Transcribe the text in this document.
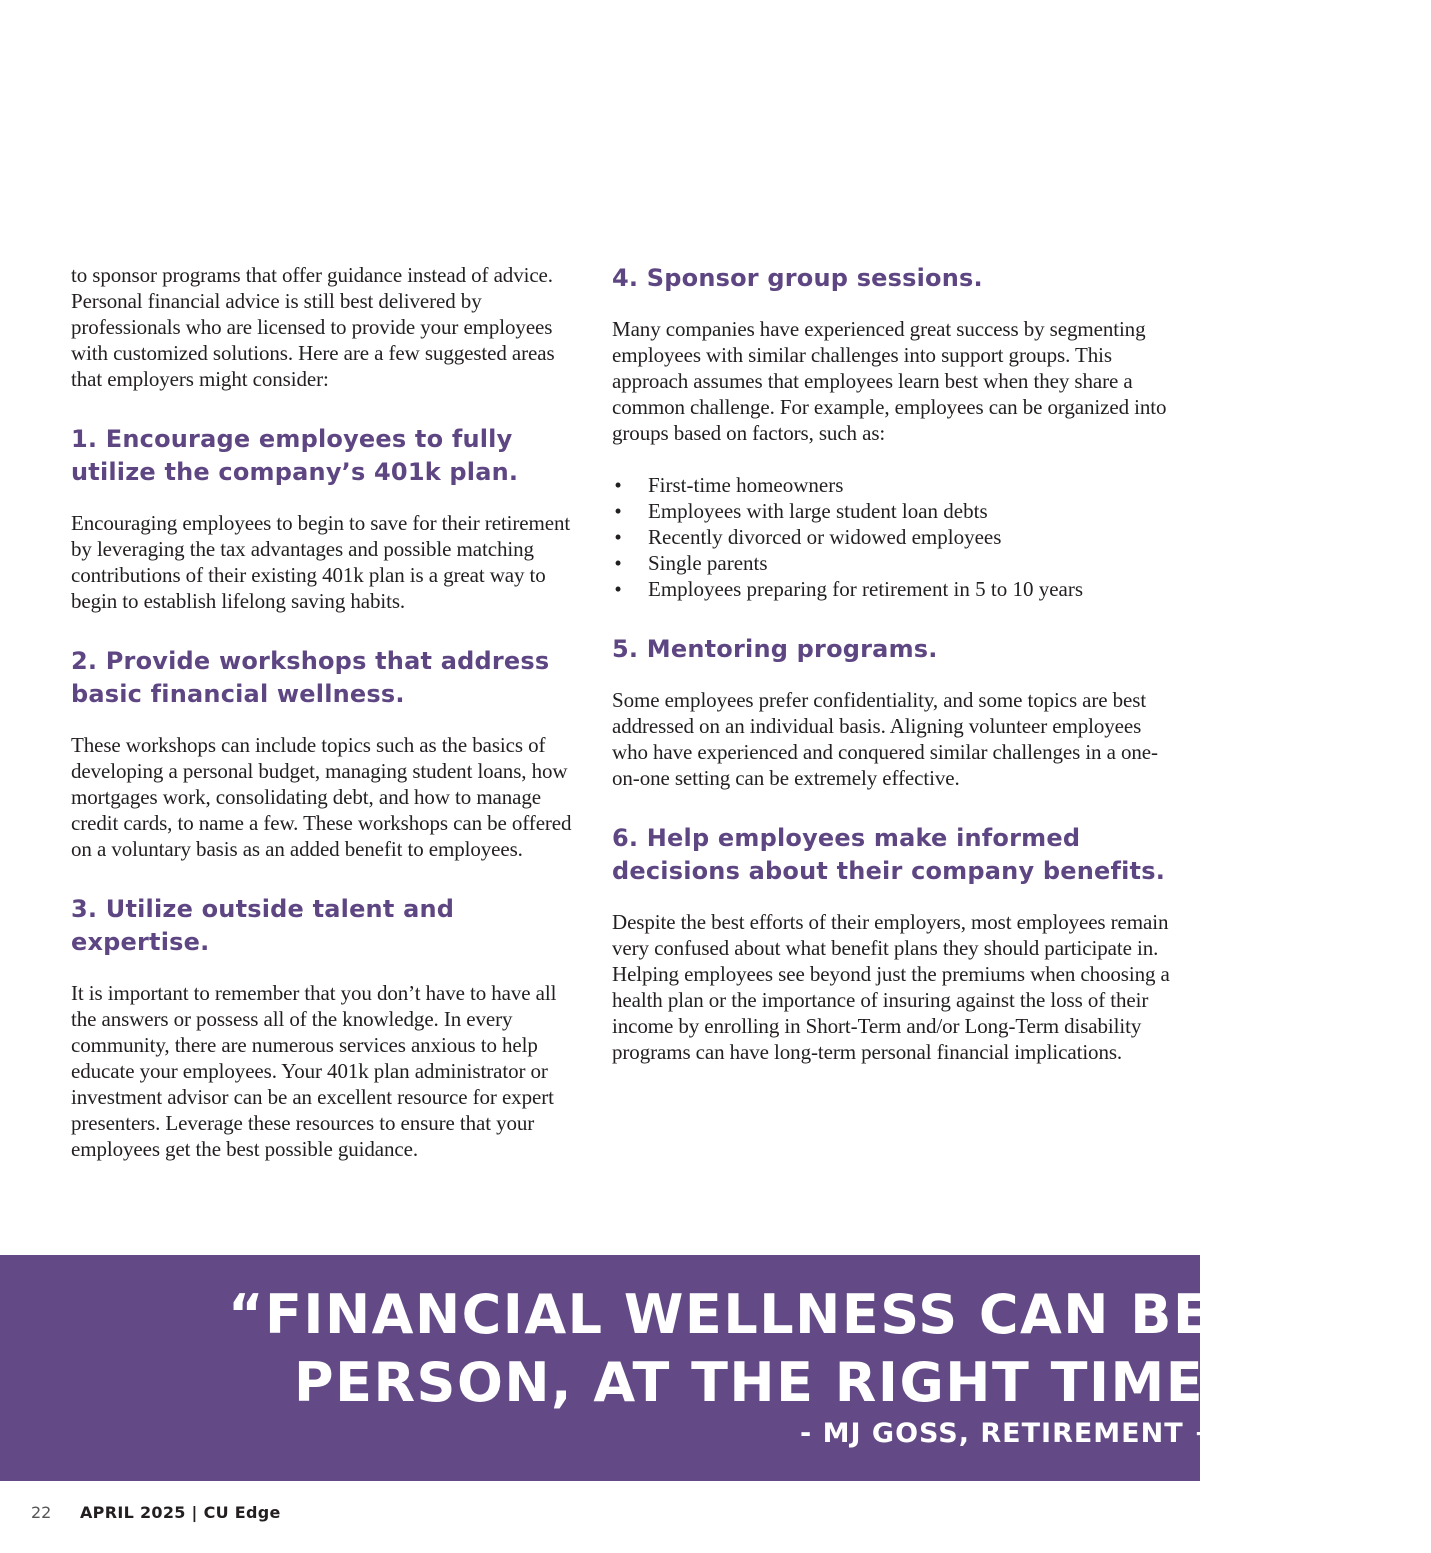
to sponsor programs that offer guidance instead of advice. Personal financial advice is still best delivered by professionals who are licensed to provide your employees with customized solutions. Here are a few suggested areas that employers might consider:

1. Encourage employees to fully utilize the company’s 401k plan.

Encouraging employees to begin to save for their retirement by leveraging the tax advantages and possible matching contributions of their existing 401k plan is a great way to begin to establish lifelong saving habits.

2. Provide workshops that address basic financial wellness.

These workshops can include topics such as the basics of developing a personal budget, managing student loans, how mortgages work, consolidating debt, and how to manage credit cards, to name a few. These workshops can be offered on a voluntary basis as an added benefit to employees.

3. Utilize outside talent and expertise.

It is important to remember that you don’t have to have all the answers or possess all of the knowledge. In every community, there are numerous services anxious to help educate your employees. Your 401k plan administrator or investment advisor can be an excellent resource for expert presenters. Leverage these resources to ensure that your employees get the best possible guidance.

4. Sponsor group sessions.

Many companies have experienced great success by segmenting employees with similar challenges into support groups. This approach assumes that employees learn best when they share a common challenge. For example, employees can be organized into groups based on factors, such as:

• First-time homeowners
• Employees with large student loan debts
• Recently divorced or widowed employees
• Single parents
• Employees preparing for retirement in 5 to 10 years
5. Mentoring programs.

Some employees prefer confidentiality, and some topics are best addressed on an individual basis. Aligning volunteer employees who have experienced and conquered similar challenges in a one-on-one setting can be extremely effective.

6. Help employees make informed decisions about their company benefits.

Despite the best efforts of their employers, most employees remain very confused about what benefit plans they should participate in. Helping employees see beyond just the premiums when choosing a health plan or the importance of insuring against the loss of their income by enrolling in Short-Term and/or Long-Term disability programs can have long-term personal financial implications.

“FINANCIAL WELLNESS CAN BE LIFE-C
PERSON, AT THE RIGHT TIME AND C
- MJ GOSS, RETIREMENT + WE
22 APRIL 2025 | CU Edge
